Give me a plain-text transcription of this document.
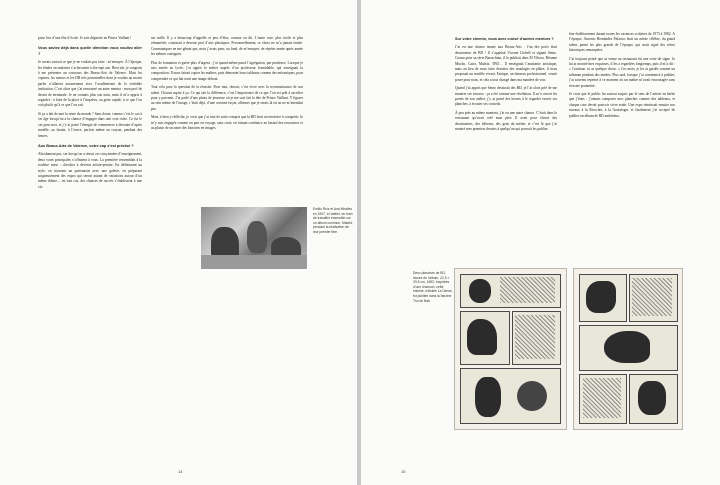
prise lors d’une fête d’école. Je suis déguisée en Prince Vaillant !

Vous saviez déjà dans quelle direction vous vouliez aller ?

Je savais surtout ce que je ne voulais pas faire : m’ennuyer. À l’époque, les études secondaires s’achevaient à dix-sept ans. Bien sûr, je songeais à me présenter au concours des Beaux-Arts de Valence. Mais les copines, les tuteurs et les DR très personnelles dont je voulais au moins parler n’allaient aucunement avec l’académisme de la véritable institution. C’est alors que j’ai rencontré un autre mentor : mon prof de dessin de terminale. Je ne connais plus son nom, mais il m’a appris à regarder : à faire de la place à l’imprévu, au geste rapide, à ce que l’on voit plutôt qu’à ce que l’on sait.

Si ça a fait de moi la reine du monde ? Sans doute, comme c’est le cas à cet âge lorsqu’on a la chance d’engager dans une voie riche. Ce fut le cas pour moi, et j’y ai puisé l’énergie de commencer à dessiner d’après modèle, au fusain, à l’encre, parfois même au crayon, pendant des heures.

Aux Beaux-Arts de Valence, votre cap s’est précisé ?

Absolument pas, car lorsqu’on a réussi ces cinq années d’enseignement, deux voies principales s’offraient à vous. La première ressemblait à la roulette russe : chercher à devenir artiste-peintre. En définissant un style, en trouvant un partenariat avec une galerie, en préparant soigneusement des expos qui seront autant de variations autour d’un même thème… en tout cas, des chances de succès s’établissent à une vie.

sur mille. Il y a beaucoup d’appelés et peu d’élus, comme on dit. L’autre voie, plus facile et plus rémunérée, consistait à devenir prof d’arts plastiques. Personnellement, ce choix ne m’a jamais tentée. Communiquer ne me gênait pas, mais j’avais peur, au fond, de m’ennuyer, de répéter année après année les mêmes consignes.

Plus de formation et guère plus d’argent : j’ai quand même passé l’agrégation, par prudence. Lorsque je suis entrée au lycée, j’ai appris le métier auprès d’un professeur formidable, qui enseignait la composition. Il nous faisait copier les maîtres, puis démonter leurs tableaux comme des mécaniques, pour comprendre ce qui fait tenir une image debout.

Tout cela pose la question de la réussite. Pour moi, réussir, c’est vivre avec la reconnaissance de son talent. Chacun aspire à ça. Ce qui fait la différence, c’est l’importance de ce que l’on est prêt à sacrifier pour y parvenir. J’ai parlé d’une photo de jeunesse où je me suis fait la tête de Prince Vaillant. Y figurer au sein même de l’image, c’était déjà, d’une certaine façon, affirmer que je serais là où on ne m’attendait pas.

Mais, à bien y réfléchir, je crois que j’ai tout de suite compris que la BD était un territoire à conquérir. Je m’y suis engagée comme on part en voyage, sans carte, en faisant confiance au hasard des rencontres et au plaisir de raconter des histoires en images.

Emilio Ruiz et Ana Miralles en 1997, à l’atelier, en train de travailler ensemble sur un album commun. Madrid, pendant la réalisation de leur premier titre.
14

Sur votre chemin, vous avez croisé d’autres mentors ?

J’ai eu une chance inouïe aux Beaux-Arts : l’un des profs était dessinateur de BD ! Il s’appelait Vicente Llobell et signait Sento. Connu pour sa série Barrachina, il la publiait dans El Víbora, Bésame Mucho, Cairo, Madriz, TBO… Il enseignait l’anatomie artistique, mais au lieu de nous faire dessiner des moulages en plâtre, il nous proposait un modèle vivant. Enrique, un danseur professionnel, venait poser pour nous, et cela a tout changé dans ma manière de voir.

Quand j’ai appris que Sento dessinait des BD, je l’ai alors prié de me montrer ses travaux : ça a été comme une révélation. Il m’a ouvert les portes de son atelier, j’y ai passé des heures à le regarder encrer ses planches, à écouter ses conseils.

À peu près au même moment, j’ai eu une autre chance. C’était dans le restaurant qu’avait créé mon père. Il avait pour clients des dessinateurs, des éditeurs, des gens du métier, et c’est là que j’ai montré mes premiers dessins à quelqu’un qui pouvait les publier.

leur établissement durant toutes les vacances scolaires de 1973 à 1982. À l’époque, Antonio Hernández Palacios était un artiste célèbre, du grand talent, parmi les plus grands de l’époque, qui avait signé des séries historiques remarquées.

J’ai toujours pensé que sa venue au restaurant fut une sorte de signe. Je lui ai montré mes esquisses, il les a regardées longtemps, puis il m’a dit : « Continue, tu as quelque chose. » Ces mots, je les ai gardés comme un talisman pendant des années. Plus tard, lorsque j’ai commencé à publier, j’ai souvent repensé à ce moment où un maître m’avait encouragée sans rien me promettre.

Je crois que le public fut surtout surpris par le sens de l’artiste en herbe que j’étais : j’aimais composer mes planches comme des tableaux, et chaque case devait pouvoir vivre seule. Une expo réunissait ensuite nos travaux à la Ricochet, à la Gostaloger, et finalement j’ai accepté de publier un album de BD ambitieux.

Deux planches de BD, issues de l’album, 22,5 × 29,5 cm, 1983. Inspirées d’une chanson, cette histoire, intitulée La Dense, fut publiée dans la fanzine Trol de Bab
15
